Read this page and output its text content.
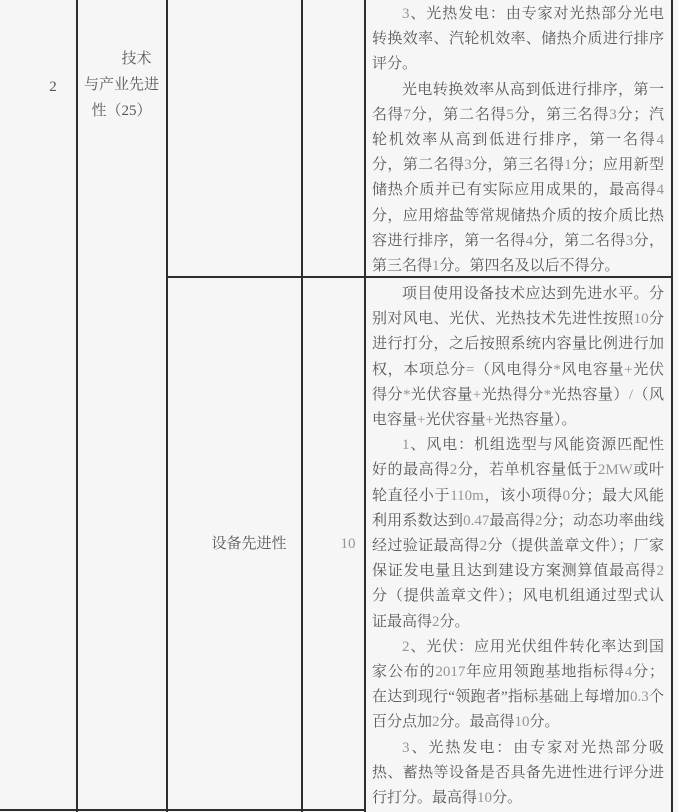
2
技术
与产业先进
性（25）

3、光热发电：由专家对光热部分光电转换效率、汽轮机效率、储热介质进行排序评分。

光电转换效率从高到低进行排序，第一名得7分，第二名得5分，第三名得3分；汽轮机效率从高到低进行排序，第一名得4分，第二名得3分，第三名得1分；应用新型储热介质并已有实际应用成果的，最高得4分，应用熔盐等常规储热介质的按介质比热容进行排序，第一名得4分，第二名得3分，第三名得1分。第四名及以后不得分。

设备先进性	10

项目使用设备技术应达到先进水平。分别对风电、光伏、光热技术先进性按照10分进行打分，之后按照系统内容量比例进行加权，本项总分=（风电得分*风电容量+光伏得分*光伏容量+光热得分*光热容量）/（风电容量+光伏容量+光热容量）。

1、风电：机组选型与风能资源匹配性好的最高得2分，若单机容量低于2MW或叶轮直径小于110m，该小项得0分；最大风能利用系数达到0.47最高得2分；动态功率曲线经过验证最高得2分（提供盖章文件）；厂家保证发电量且达到建设方案测算值最高得2分（提供盖章文件）；风电机组通过型式认证最高得2分。

2、光伏：应用光伏组件转化率达到国家公布的2017年应用领跑基地指标得4分；在达到现行“领跑者”指标基础上每增加0.3个百分点加2分。最高得10分。

3、光热发电：由专家对光热部分吸热、蓄热等设备是否具备先进性进行评分进行打分。最高得10分。
